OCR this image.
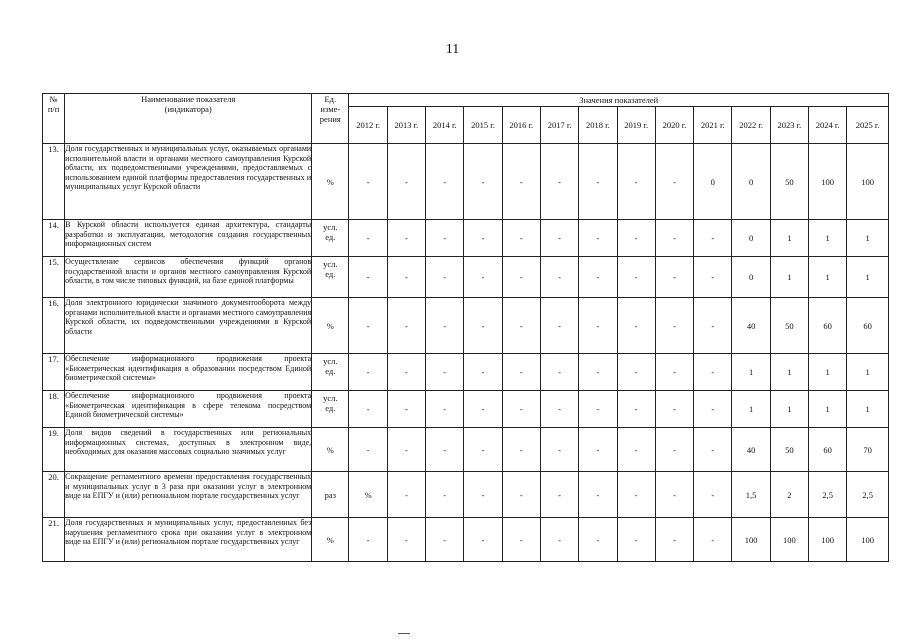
11
№
п/п	Наименование показателя
(индикатора)	Ед.
изме-
рения	Значения показателей													
			2012 г.	2013 г.	2014 г.	2015 г.	2016 г.	2017 г.	2018 г.	2019 г.	2020 г.	2021 г.	2022 г.	2023 г.	2024 г.	2025 г.
13.	Доля государственных и муниципальных услуг, оказываемых органами исполнительной власти и органами местного самоуправления Курской области, их подведомственными учреждениями, предоставляемых с использованием единой платформы предоставления государственных и муниципальных услуг Курской области	%	-	-	-	-	-	-	-	-	-	0	0	50	100	100
14.	В Курской области используется единая архитектура, стандарты разработки и эксплуатации, методология создания государственных информационных систем	усл.
ед.	-	-	-	-	-	-	-	-	-	-	0	1	1	1
15.	Осуществление сервисов обеспечения функций органов государственной власти и органов местного самоуправления Курской области, в том числе типовых функций, на базе единой платформы	усл.
ед.	-	-	-	-	-	-	-	-	-	-	0	1	1	1
16.	Доля электронного юридически значимого документооборота между органами исполнительной власти и органами местного самоуправления Курской области, их подведомственными учреждениями в Курской области	%	-	-	-	-	-	-	-	-	-	-	40	50	60	60
17.	Обеспечение информационного продвижения проекта «Биометрическая идентификация в образовании посредством Единой биометрической системы»	усл.
ед.	-	-	-	-	-	-	-	-	-	-	1	1	1	1
18.	Обеспечение информационного продвижения проекта «Биометрическая идентификация в сфере телекома посредством Единой биометрической системы»	усл.
ед.	-	-	-	-	-	-	-	-	-	-	1	1	1	1
19.	Доля видов сведений в государственных или региональных информационных системах, доступных в электронном виде, необходимых для оказания массовых социально значимых услуг	%	-	-	-	-	-	-	-	-	-	-	40	50	60	70
20.	Сокращение регламентного времени предоставления государственных и муниципальных услуг в 3 раза при оказании услуг в электронном виде на ЕПГУ и (или) региональном портале государственных услуг	раз	%	-	-	-	-	-	-	-	-	-	1,5	2	2,5	2,5
21.	Доля государственных и муниципальных услуг, предоставленных без нарушения регламентного срока при оказании услуг в электронном виде на ЕПГУ и (или) региональном портале государственных услуг	%	-	-	-	-	-	-	-	-	-	-	100	100	100	100
